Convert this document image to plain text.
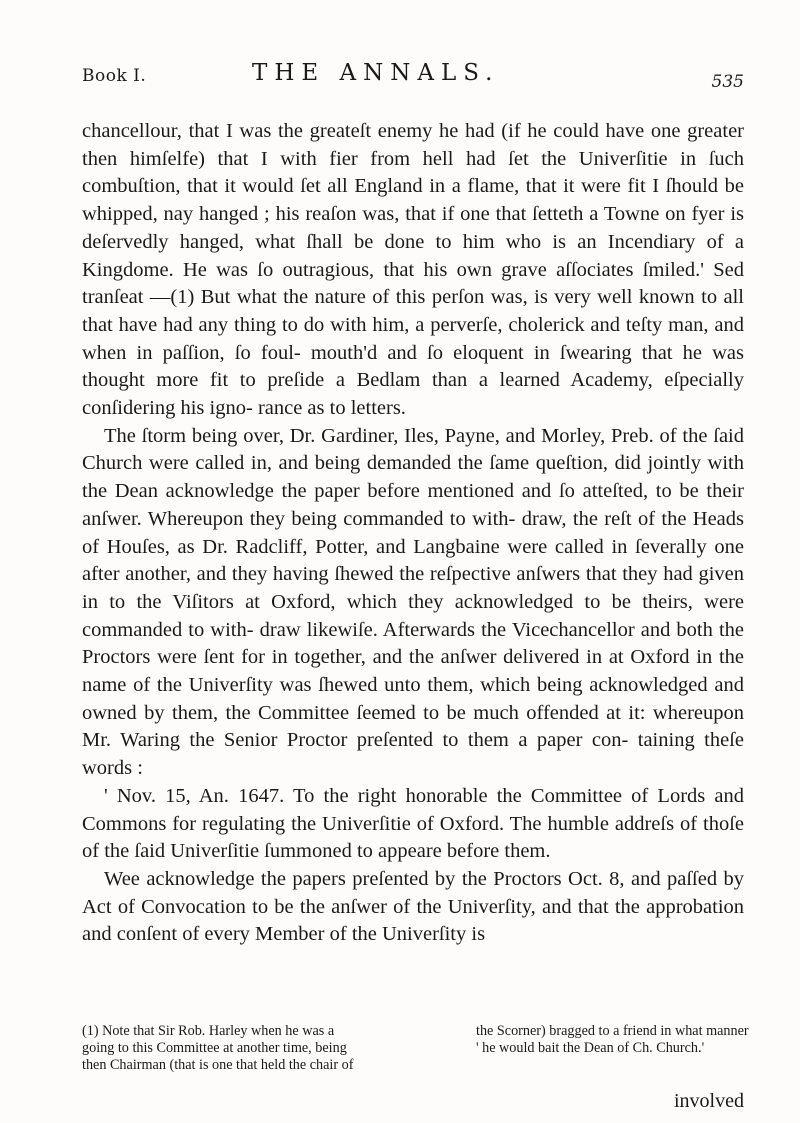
Book I.	THE ANNALS.	535

chancellour, that I was the greateſt enemy he had (if he could have one greater then himſelfe) that I with fier from hell had ſet the Univerſitie in ſuch combuſtion, that it would ſet all England in a flame, that it were fit I ſhould be whipped, nay hanged ; his reaſon was, that if one that ſetteth a Towne on fyer is deſervedly hanged, what ſhall be done to him who is an Incendiary of a Kingdome. He was ſo outragious, that his own grave aſſociates ſmiled.' Sed tranſeat —(1) But what the nature of this perſon was, is very well known to all that have had any thing to do with him, a perverſe, cholerick and teſty man, and when in paſſion, ſo foul- mouth'd and ſo eloquent in ſwearing that he was thought more fit to preſide a Bedlam than a learned Academy, eſpecially conſidering his igno- rance as to letters.

The ſtorm being over, Dr. Gardiner, Iles, Payne, and Morley, Preb. of the ſaid Church were called in, and being demanded the ſame queſtion, did jointly with the Dean acknowledge the paper before mentioned and ſo atteſted, to be their anſwer. Whereupon they being commanded to with- draw, the reſt of the Heads of Houſes, as Dr. Radcliff, Potter, and Langbaine were called in ſeverally one after another, and they having ſhewed the reſpective anſwers that they had given in to the Viſitors at Oxford, which they acknowledged to be theirs, were commanded to with- draw likewiſe. Afterwards the Vicechancellor and both the Proctors were ſent for in together, and the anſwer delivered in at Oxford in the name of the Univerſity was ſhewed unto them, which being acknowledged and owned by them, the Committee ſeemed to be much offended at it: whereupon Mr. Waring the Senior Proctor preſented to them a paper con- taining theſe words :

' Nov. 15, An. 1647. To the right honorable the Committee of Lords and Commons for regulating the Univerſitie of Oxford. The humble addreſs of thoſe of the ſaid Univerſitie ſummoned to appeare before them.

Wee acknowledge the papers preſented by the Proctors Oct. 8, and paſſed by Act of Convocation to be the anſwer of the Univerſity, and that the approbation and conſent of every Member of the Univerſity is

(1) Note that Sir Rob. Harley when he was a
going to this Committee at another time, being
then Chairman (that is one that held the chair of
the Scorner) bragged to a friend in what manner
' he would bait the Dean of Ch. Church.'
involved
